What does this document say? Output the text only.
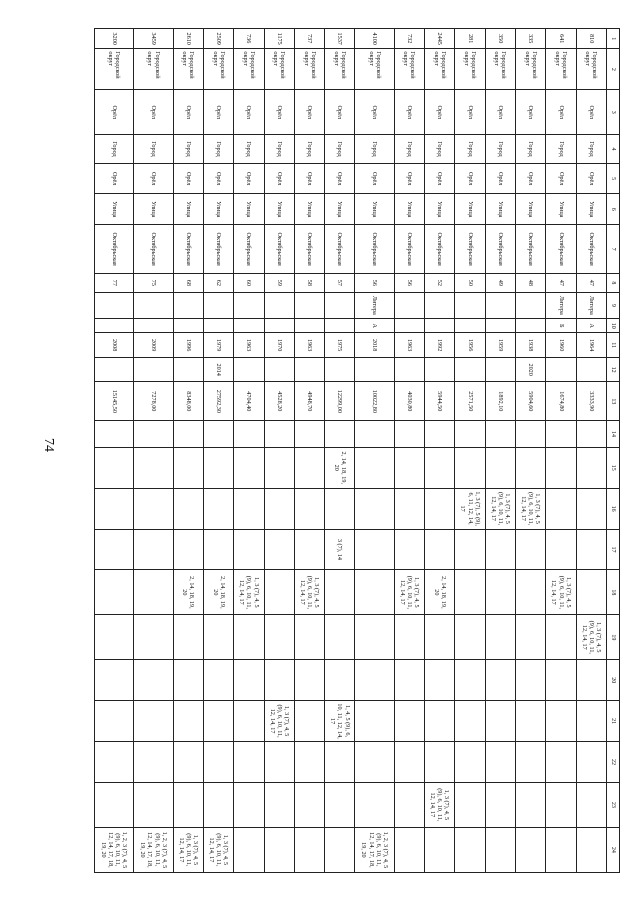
74
1	2	3	4	5	6	7	8	9	10	11	12	13	14	15	16	17	18	19	20	21	22	23	24
810	Городской округ	Орёл	Город	Орёл	Улица	Октябрьская	47	Литера	А	1964		3333,90						1, 3 (7), 4, 5 (9), 6, 10, 11, 12, 14, 17					
641	Городской округ	Орёл	Город	Орёл	Улица	Октябрьская	47	Литера	Б	1960		1674,80					1, 3 (7), 4, 5 (9), 6, 10, 11, 12, 14, 17						
335	Городской округ	Орёл	Город	Орёл	Улица	Октябрьская	48			1938	2020	5904,60			1, 3 (7), 4, 5 (9), 6, 10, 11, 12, 14, 17								
350	Городской округ	Орёл	Город	Орёл	Улица	Октябрьская	49			1959		1892,10			1, 3 (7), 4, 5 (9), 6, 10, 11, 12, 14, 17								
281	Городской округ	Орёл	Город	Орёл	Улица	Октябрьская	50			1956		2571,50			1, 3 (7), 5 (9), 6, 11, 12, 14, 17								
2445	Городской округ	Орёл	Город	Орёл	Улица	Октябрьская	52			1992		5944,50					2, 14, 18, 19, 20					1, 3 (7), 4, 5 (9), 6, 10, 11, 12, 14, 17	
732	Городской округ	Орёл	Город	Орёл	Улица	Октябрьская	56			1963		4030,80					1, 3 (7), 4, 5 (9), 6, 10, 11, 12, 14, 17						
4100	Городской округ	Орёл	Город	Орёл	Улица	Октябрьская	56	Литера	А	2018		10022,80											1, 2, 3 (7), 4, 5 (9), 6, 10, 11, 12, 14, 17, 18, 19, 20
1537	Городской округ	Орёл	Город	Орёл	Улица	Октябрьская	57			1975		12299,00		2, 14, 18, 19, 20		3 (7), 14				1, 4, 5 (9), 6, 10, 11, 12, 14, 17			
737	Городской округ	Орёл	Город	Орёл	Улица	Октябрьская	58			1963		4948,70					1, 3 (7), 4, 5 (9), 6, 10, 11, 12, 14, 17						
1175	Городской округ	Орёл	Город	Орёл	Улица	Октябрьская	59			1970		4528,20								1, 3 (7), 4, 5 (9), 6, 10, 11, 12, 14, 17			
736	Городской округ	Орёл	Город	Орёл	Улица	Октябрьская	60			1963		4704,40					1, 3 (7), 4, 5 (9), 6, 10, 11, 12, 14, 17						
2509	Городской округ	Орёл	Город	Орёл	Улица	Октябрьская	62			1979	2014	27592,30					2, 14, 18, 19, 20						1, 3 (7), 4, 5 (9), 6, 10, 11, 12, 14, 17
2610	Городской округ	Орёл	Город	Орёл	Улица	Октябрьская	68			1996		8348,00					2, 14, 18, 19, 20						1, 3 (7), 4, 5 (9), 6, 10, 11, 12, 14, 17
3459	Городской округ	Орёл	Город	Орёл	Улица	Октябрьская	75			2009		7278,00											1, 2, 3 (7), 4, 5 (9), 6, 10, 11, 12, 14, 17, 18, 19, 20
3200	Городской округ	Орёл	Город	Орёл	Улица	Октябрьская	77			2008		15145,50											1, 2, 3 (7), 4, 5 (9), 6, 10, 11, 12, 14, 17, 18, 19, 20
